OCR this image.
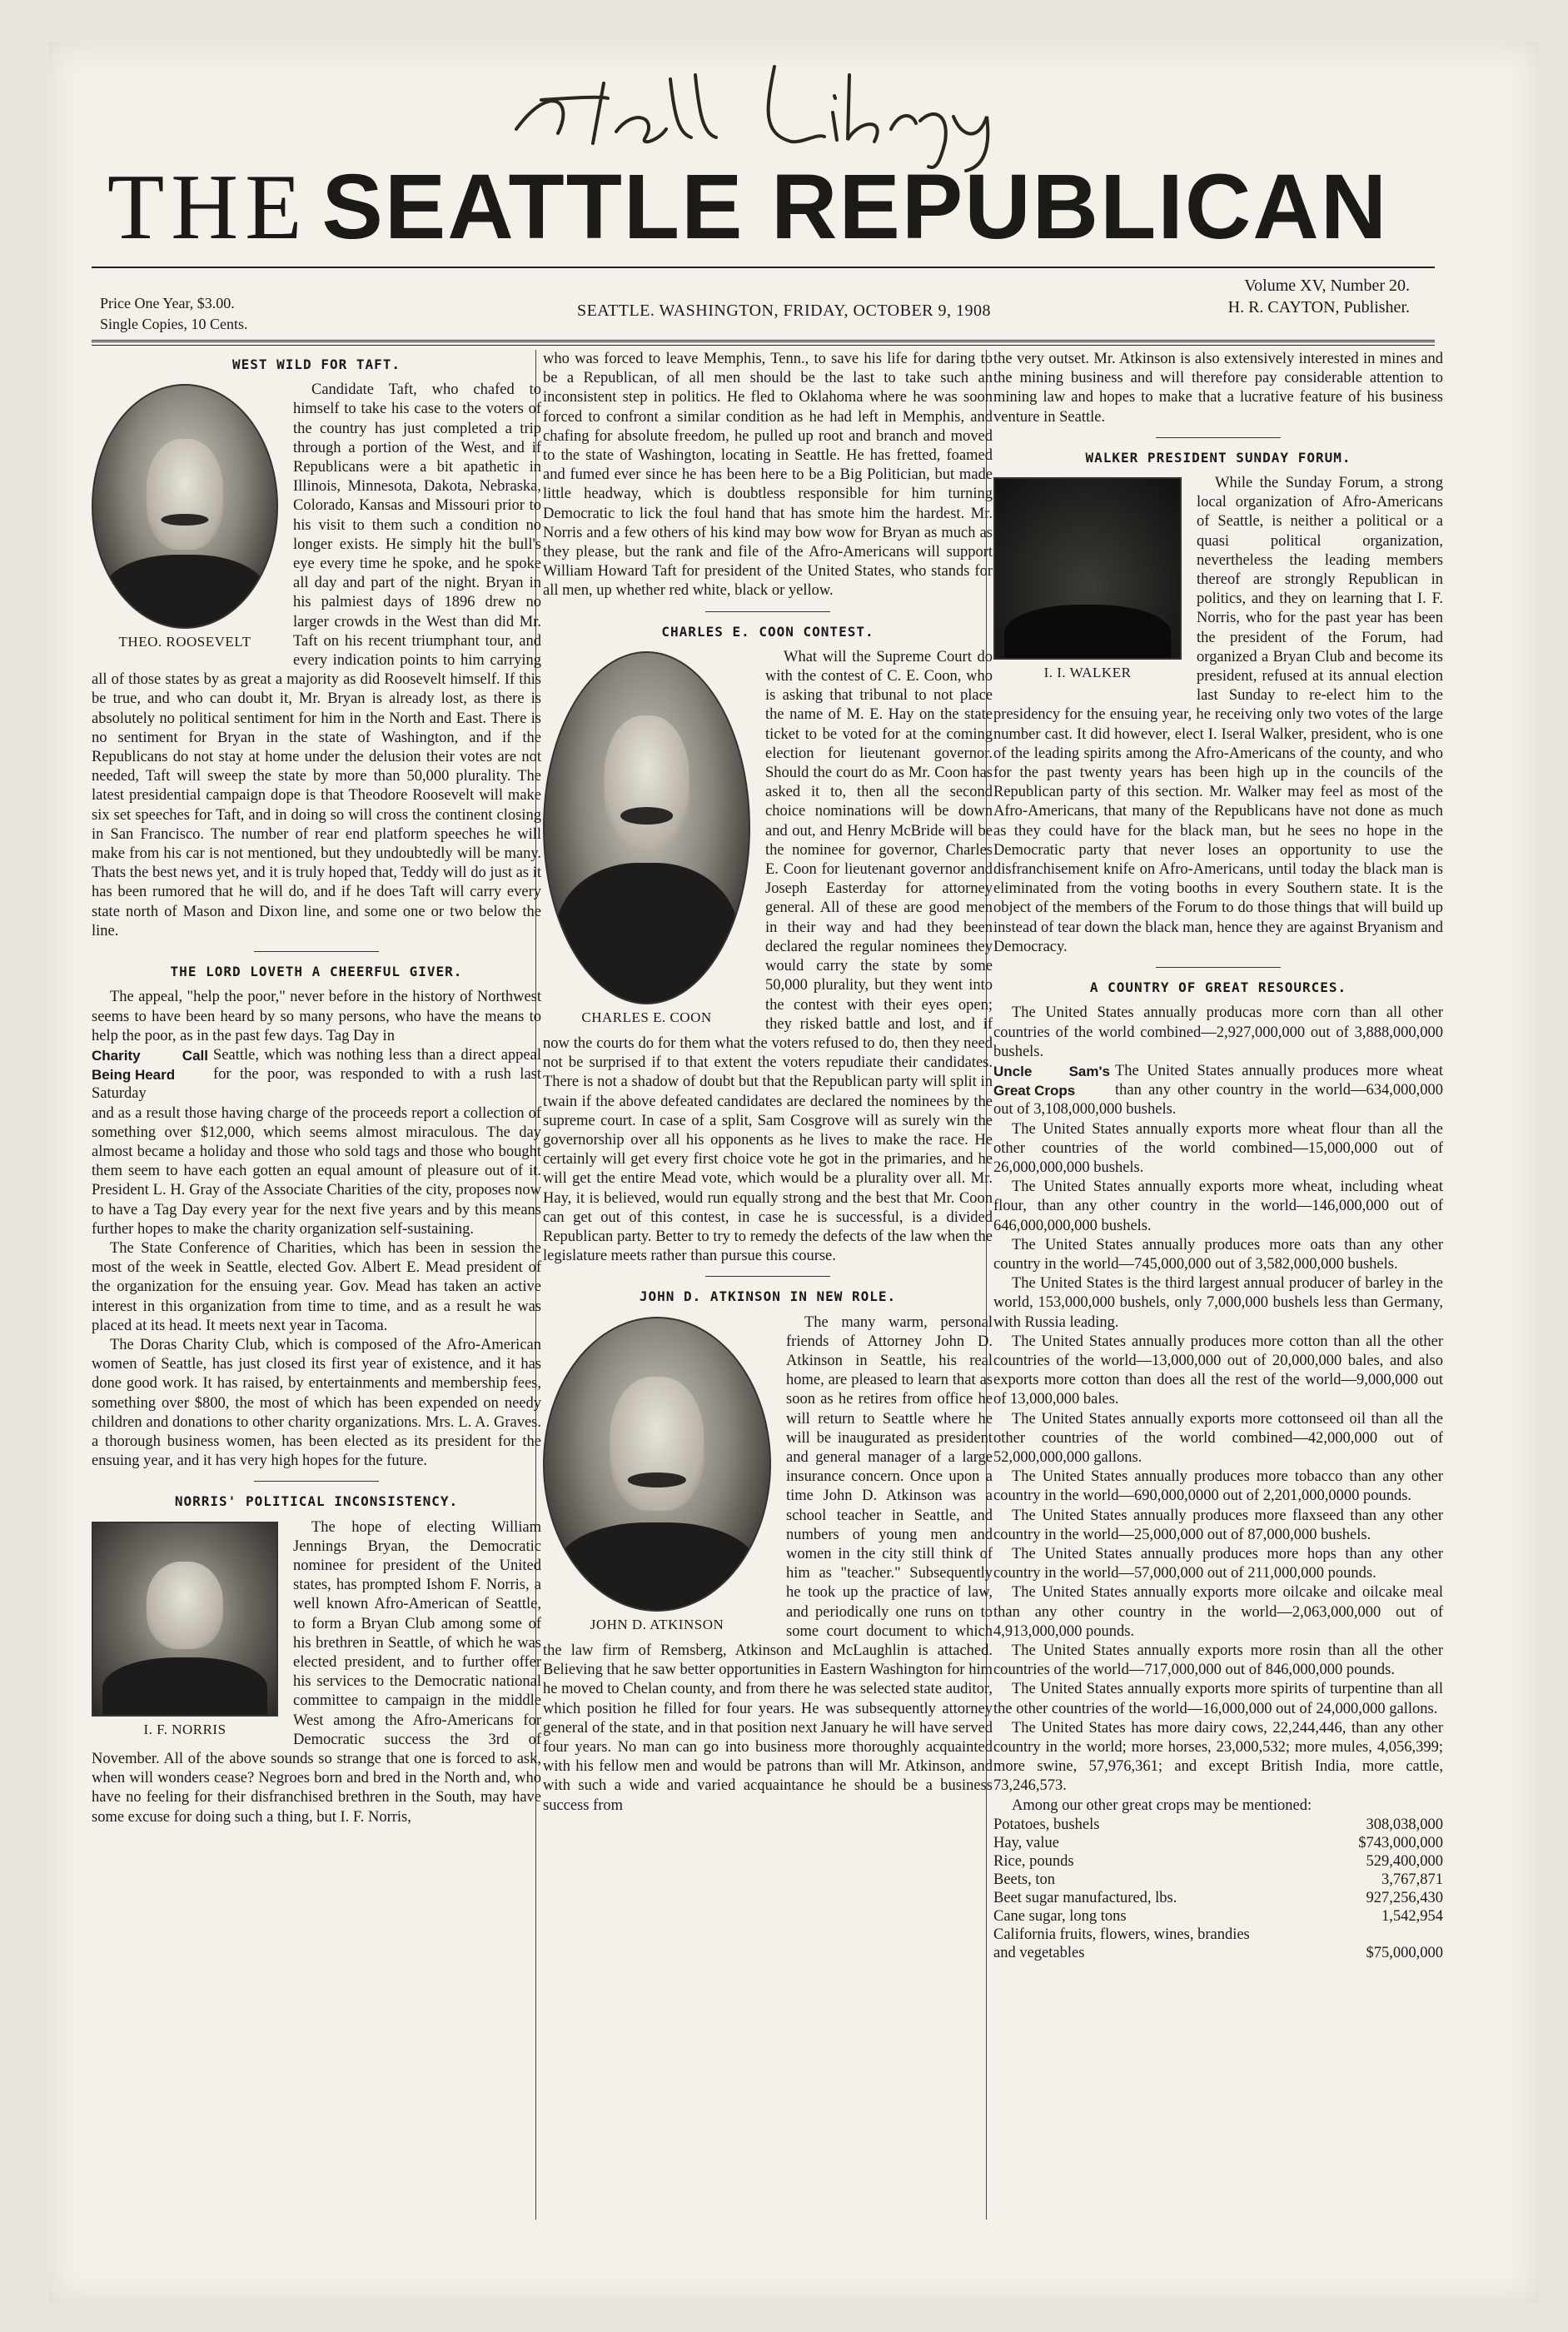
THE SEATTLE REPUBLICAN
Price One Year, $3.00.
Single Copies, 10 Cents.
SEATTLE. WASHINGTON, FRIDAY, OCTOBER 9, 1908
Volume XV, Number 20.
H. R. CAYTON, Publisher.
WEST WILD FOR TAFT.
THEO. ROOSEVELT

Candidate Taft, who chafed to himself to take his case to the voters of the country has just completed a trip through a portion of the West, and if Republicans were a bit apathetic in Illinois, Minnesota, Dakota, Nebraska, Colorado, Kansas and Missouri prior to his visit to them such a condition no longer exists. He simply hit the bull's eye every time he spoke, and he spoke all day and part of the night. Bryan in his palmiest days of 1896 drew no larger crowds in the West than did Mr. Taft on his recent triumphant tour, and every indication points to him carrying all of those states by as great a majority as did Roosevelt himself. If this be true, and who can doubt it, Mr. Bryan is already lost, as there is absolutely no political sentiment for him in the North and East. There is no sentiment for Bryan in the state of Washington, and if the Republicans do not stay at home under the delusion their votes are not needed, Taft will sweep the state by more than 50,000 plurality. The latest presidential campaign dope is that Theodore Roosevelt will make six set speeches for Taft, and in doing so will cross the continent closing in San Francisco. The number of rear end platform speeches he will make from his car is not mentioned, but they undoubtedly will be many. Thats the best news yet, and it is truly hoped that, Teddy will do just as it has been rumored that he will do, and if he does Taft will carry every state north of Mason and Dixon line, and some one or two below the line.

THE LORD LOVETH A CHEERFUL GIVER.

The appeal, "help the poor," never before in the history of Northwest seems to have been heard by so many persons, who have the means to help the poor, as in the past few days. Tag Day in

Charity Call Being Heard

Seattle, which was nothing less than a direct appeal for the poor, was responded to with a rush last Saturday

and as a result those having charge of the proceeds report a collection of something over $12,000, which seems almost miraculous. The day almost became a holiday and those who sold tags and those who bought them seem to have each gotten an equal amount of pleasure out of it. President L. H. Gray of the Associate Charities of the city, proposes now to have a Tag Day every year for the next five years and by this means further hopes to make the charity organization self-sustaining.

The State Conference of Charities, which has been in session the most of the week in Seattle, elected Gov. Albert E. Mead president of the organization for the ensuing year. Gov. Mead has taken an active interest in this organization from time to time, and as a result he was placed at its head. It meets next year in Tacoma.

The Doras Charity Club, which is composed of the Afro-American women of Seattle, has just closed its first year of existence, and it has done good work. It has raised, by entertainments and membership fees, something over $800, the most of which has been expended on needy children and donations to other charity organizations. Mrs. L. A. Graves. a thorough business women, has been elected as its president for the ensuing year, and it has very high hopes for the future.

NORRIS' POLITICAL INCONSISTENCY.
I. F. NORRIS

The hope of electing William Jennings Bryan, the Democratic nominee for president of the United states, has prompted Ishom F. Norris, a well known Afro-American of Seattle, to form a Bryan Club among some of his brethren in Seattle, of which he was elected president, and to further offer his services to the Democratic national committee to campaign in the middle West among the Afro-Americans for Democratic success the 3rd of November. All of the above sounds so strange that one is forced to ask, when will wonders cease? Negroes born and bred in the North and, who have no feeling for their disfranchised brethren in the South, may have some excuse for doing such a thing, but I. F. Norris,

who was forced to leave Memphis, Tenn., to save his life for daring to be a Republican, of all men should be the last to take such an inconsistent step in politics. He fled to Oklahoma where he was soon forced to confront a similar condition as he had left in Memphis, and chafing for absolute freedom, he pulled up root and branch and moved to the state of Washington, locating in Seattle. He has fretted, foamed and fumed ever since he has been here to be a Big Politician, but made little headway, which is doubtless responsible for him turning Democratic to lick the foul hand that has smote him the hardest. Mr. Norris and a few others of his kind may bow wow for Bryan as much as they please, but the rank and file of the Afro-Americans will support William Howard Taft for president of the United States, who stands for all men, up whether red white, black or yellow.

CHARLES E. COON CONTEST.
CHARLES E. COON

What will the Supreme Court do with the contest of C. E. Coon, who is asking that tribunal to not place the name of M. E. Hay on the state ticket to be voted for at the coming election for lieutenant governor. Should the court do as Mr. Coon has asked it to, then all the second choice nominations will be down and out, and Henry McBride will be the nominee for governor, Charles E. Coon for lieutenant governor and Joseph Easterday for attorney general. All of these are good men in their way and had they been declared the regular nominees they would carry the state by some 50,000 plurality, but they went into the contest with their eyes open; they risked battle and lost, and if now the courts do for them what the voters refused to do, then they need not be surprised if to that extent the voters repudiate their candidates. There is not a shadow of doubt but that the Republican party will split in twain if the above defeated candidates are declared the nominees by the supreme court. In case of a split, Sam Cosgrove will as surely win the governorship over all his opponents as he lives to make the race. He certainly will get every first choice vote he got in the primaries, and he will get the entire Mead vote, which would be a plurality over all. Mr. Hay, it is believed, would run equally strong and the best that Mr. Coon can get out of this contest, in case he is successful, is a divided Republican party. Better to try to remedy the defects of the law when the legislature meets rather than pursue this course.

JOHN D. ATKINSON IN NEW ROLE.
JOHN D. ATKINSON

The many warm, personal friends of Attorney John D. Atkinson in Seattle, his real home, are pleased to learn that as soon as he retires from office he will return to Seattle where he will be inaugurated as president and general manager of a large insurance concern. Once upon a time John D. Atkinson was a school teacher in Seattle, and numbers of young men and women in the city still think of him as "teacher." Subsequently he took up the practice of law, and periodically one runs on to some court document to which the law firm of Remsberg, Atkinson and McLaughlin is attached. Believing that he saw better opportunities in Eastern Washington for him he moved to Chelan county, and from there he was selected state auditor, which position he filled for four years. He was subsequently attorney general of the state, and in that position next January he will have served four years. No man can go into business more thoroughly acquainted with his fellow men and would be patrons than will Mr. Atkinson, and with such a wide and varied acquaintance he should be a business success from

the very outset. Mr. Atkinson is also extensively interested in mines and the mining business and will therefore pay considerable attention to mining law and hopes to make that a lucrative feature of his business venture in Seattle.

WALKER PRESIDENT SUNDAY FORUM.
I. I. WALKER

While the Sunday Forum, a strong local organization of Afro-Americans of Seattle, is neither a political or a quasi political organization, nevertheless the leading members thereof are strongly Republican in politics, and they on learning that I. F. Norris, who for the past year has been the president of the Forum, had organized a Bryan Club and become its president, refused at its annual election last Sunday to re-elect him to the presidency for the ensuing year, he receiving only two votes of the large number cast. It did however, elect I. Iseral Walker, president, who is one of the leading spirits among the Afro-Americans of the county, and who for the past twenty years has been high up in the councils of the Republican party of this section. Mr. Walker may feel as most of the Afro-Americans, that many of the Republicans have not done as much as they could have for the black man, but he sees no hope in the Democratic party that never loses an opportunity to use the disfranchisement knife on Afro-Americans, until today the black man is eliminated from the voting booths in every Southern state. It is the object of the members of the Forum to do those things that will build up instead of tear down the black man, hence they are against Bryanism and Democracy.

A COUNTRY OF GREAT RESOURCES.

The United States annually producas more corn than all other countries of the world combined—2,927,000,000 out of 3,888,000,000 bushels.

Uncle Sam's Great Crops

The United States annually produces more wheat than any other country in the world—634,000,000 out of 3,108,000,000 bushels.

The United States annually exports more wheat flour than all the other countries of the world combined—15,000,000 out of 26,000,000,000 bushels.

The United States annually exports more wheat, including wheat flour, than any other country in the world—146,000,000 out of 646,000,000,000 bushels.

The United States annually produces more oats than any other country in the world—745,000,000 out of 3,582,000,000 bushels.

The United States is the third largest annual producer of barley in the world, 153,000,000 bushels, only 7,000,000 bushels less than Germany, with Russia leading.

The United States annually produces more cotton than all the other countries of the world—13,000,000 out of 20,000,000 bales, and also exports more cotton than does all the rest of the world—9,000,000 out of 13,000,000 bales.

The United States annually exports more cottonseed oil than all the other countries of the world combined—42,000,000 out of 52,000,000,000 gallons.

The United States annually produces more tobacco than any other country in the world—690,000,0000 out of 2,201,000,0000 pounds.

The United States annually produces more flaxseed than any other country in the world—25,000,000 out of 87,000,000 bushels.

The United States annually produces more hops than any other country in the world—57,000,000 out of 211,000,000 pounds.

The United States annually exports more oilcake and oilcake meal than any other country in the world—2,063,000,000 out of 4,913,000,000 pounds.

The United States annually exports more rosin than all the other countries of the world—717,000,000 out of 846,000,000 pounds.

The United States annually exports more spirits of turpentine than all the other countries of the world—16,000,000 out of 24,000,000 gallons.

The United States has more dairy cows, 22,244,446, than any other country in the world; more horses, 23,000,532; more mules, 4,056,399; more swine, 57,976,361; and except British India, more cattle, 73,246,573.

Among our other great crops may be mentioned:

Potatoes, bushels	308,038,000
Hay, value	$743,000,000
Rice, pounds	529,400,000
Beets, ton	3,767,871
Beet sugar manufactured, lbs.	927,256,430
Cane sugar, long tons	1,542,954
California fruits, flowers, wines, brandies	
and vegetables	$75,000,000
